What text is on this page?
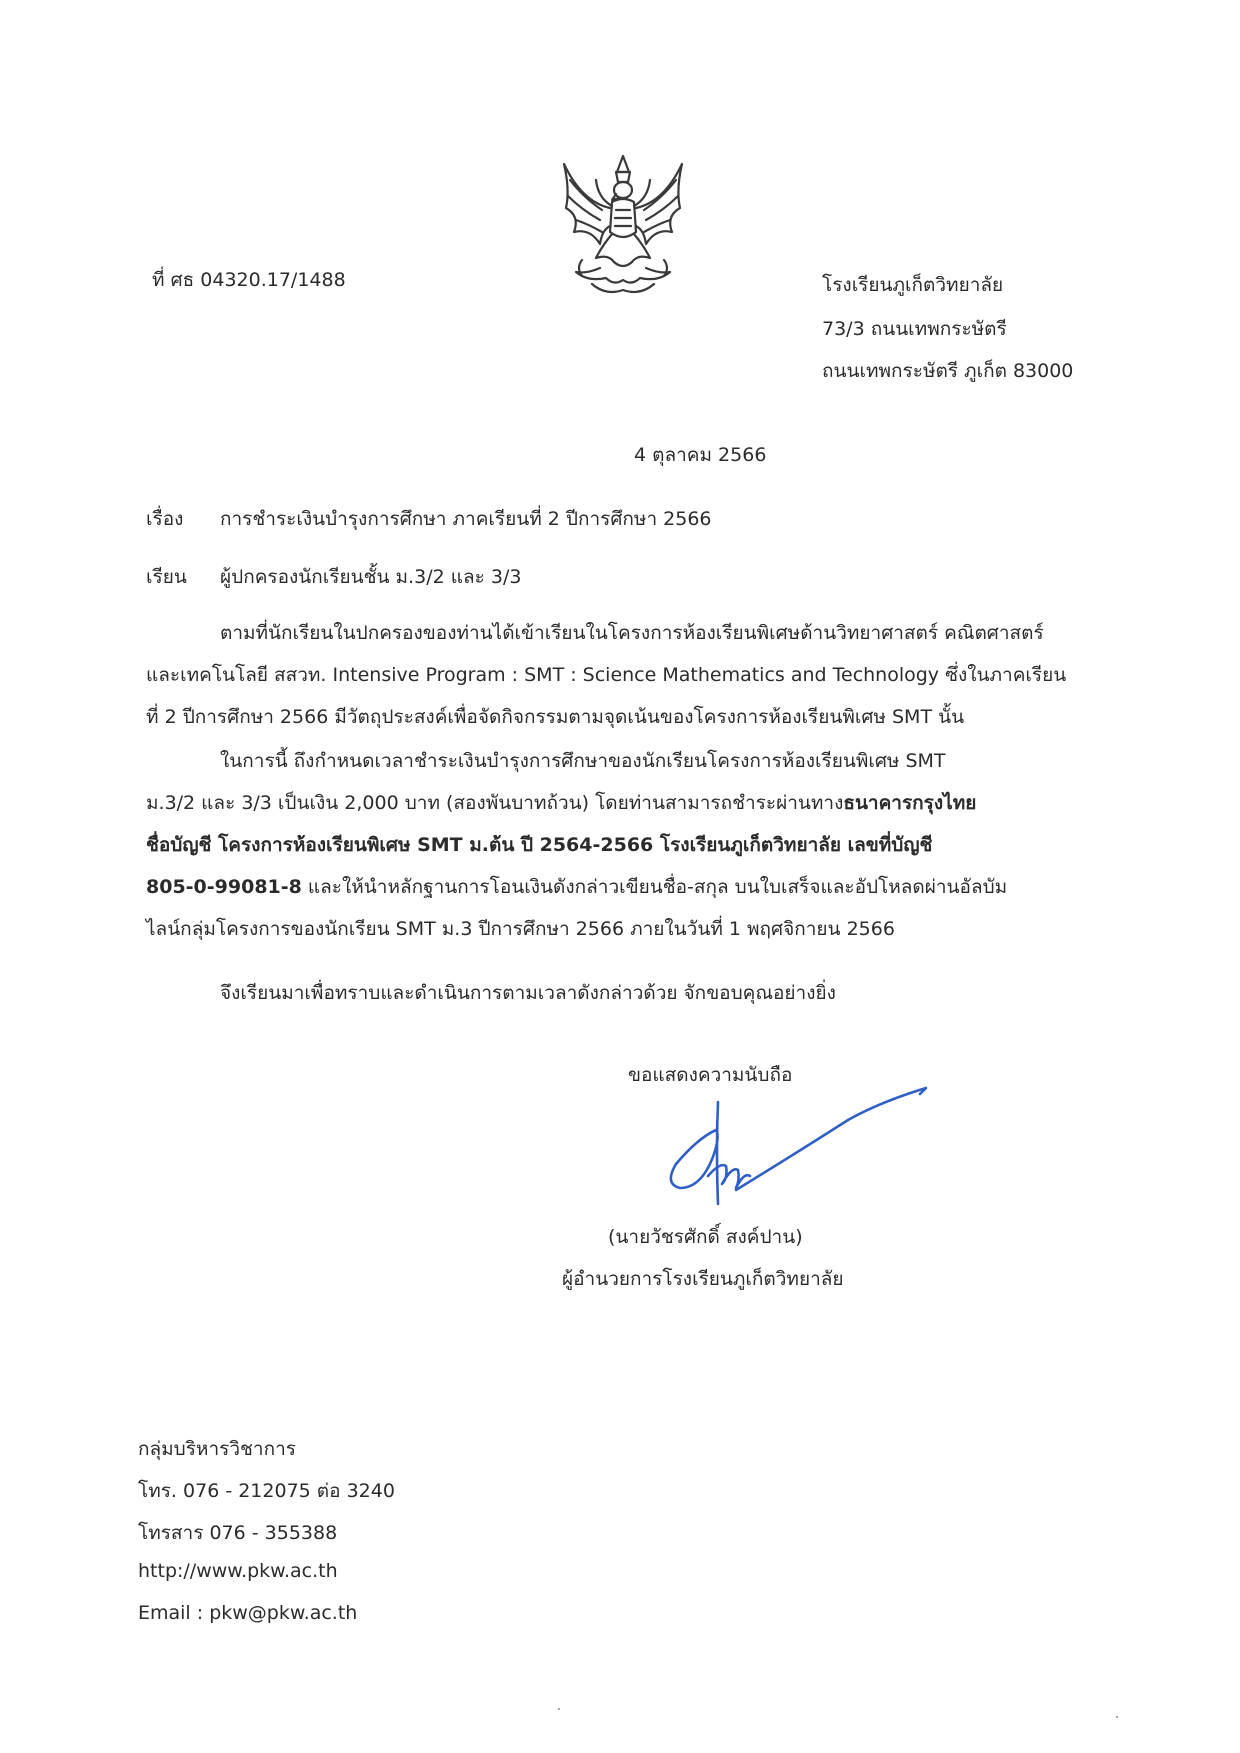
ที่ ศธ 04320.17/1488	โรงเรียนภูเก็ตวิทยาลัย
73/3 ถนนเทพกระษัตรี
ถนนเทพกระษัตรี ภูเก็ต 83000
4 ตุลาคม 2566
เรื่อง การชำระเงินบำรุงการศึกษา ภาคเรียนที่ 2 ปีการศึกษา 2566
เรียน ผู้ปกครองนักเรียนชั้น ม.3/2 และ 3/3
ตามที่นักเรียนในปกครองของท่านได้เข้าเรียนในโครงการห้องเรียนพิเศษด้านวิทยาศาสตร์ คณิตศาสตร์
และเทคโนโลยี สสวท. Intensive Program : SMT : Science Mathematics and Technology ซึ่งในภาคเรียน
ที่ 2 ปีการศึกษา 2566 มีวัตถุประสงค์เพื่อจัดกิจกรรมตามจุดเน้นของโครงการห้องเรียนพิเศษ SMT นั้น
ในการนี้ ถึงกำหนดเวลาชำระเงินบำรุงการศึกษาของนักเรียนโครงการห้องเรียนพิเศษ SMT
ม.3/2 และ 3/3 เป็นเงิน 2,000 บาท (สองพันบาทถ้วน) โดยท่านสามารถชำระผ่านทางธนาคารกรุงไทย
ชื่อบัญชี โครงการห้องเรียนพิเศษ SMT ม.ต้น ปี 2564-2566 โรงเรียนภูเก็ตวิทยาลัย เลขที่บัญชี
805-0-99081-8 และให้นำหลักฐานการโอนเงินดังกล่าวเขียนชื่อ-สกุล บนใบเสร็จและอัปโหลดผ่านอัลบัม
ไลน์กลุ่มโครงการของนักเรียน SMT ม.3 ปีการศึกษา 2566 ภายในวันที่ 1 พฤศจิกายน 2566
จึงเรียนมาเพื่อทราบและดำเนินการตามเวลาดังกล่าวด้วย จักขอบคุณอย่างยิ่ง
ขอแสดงความนับถือ
(นายวัชรศักดิ์ สงค์ปาน)
ผู้อำนวยการโรงเรียนภูเก็ตวิทยาลัย
กลุ่มบริหารวิชาการ
โทร. 076 - 212075 ต่อ 3240
โทรสาร 076 - 355388
http://www.pkw.ac.th
Email : pkw@pkw.ac.th
